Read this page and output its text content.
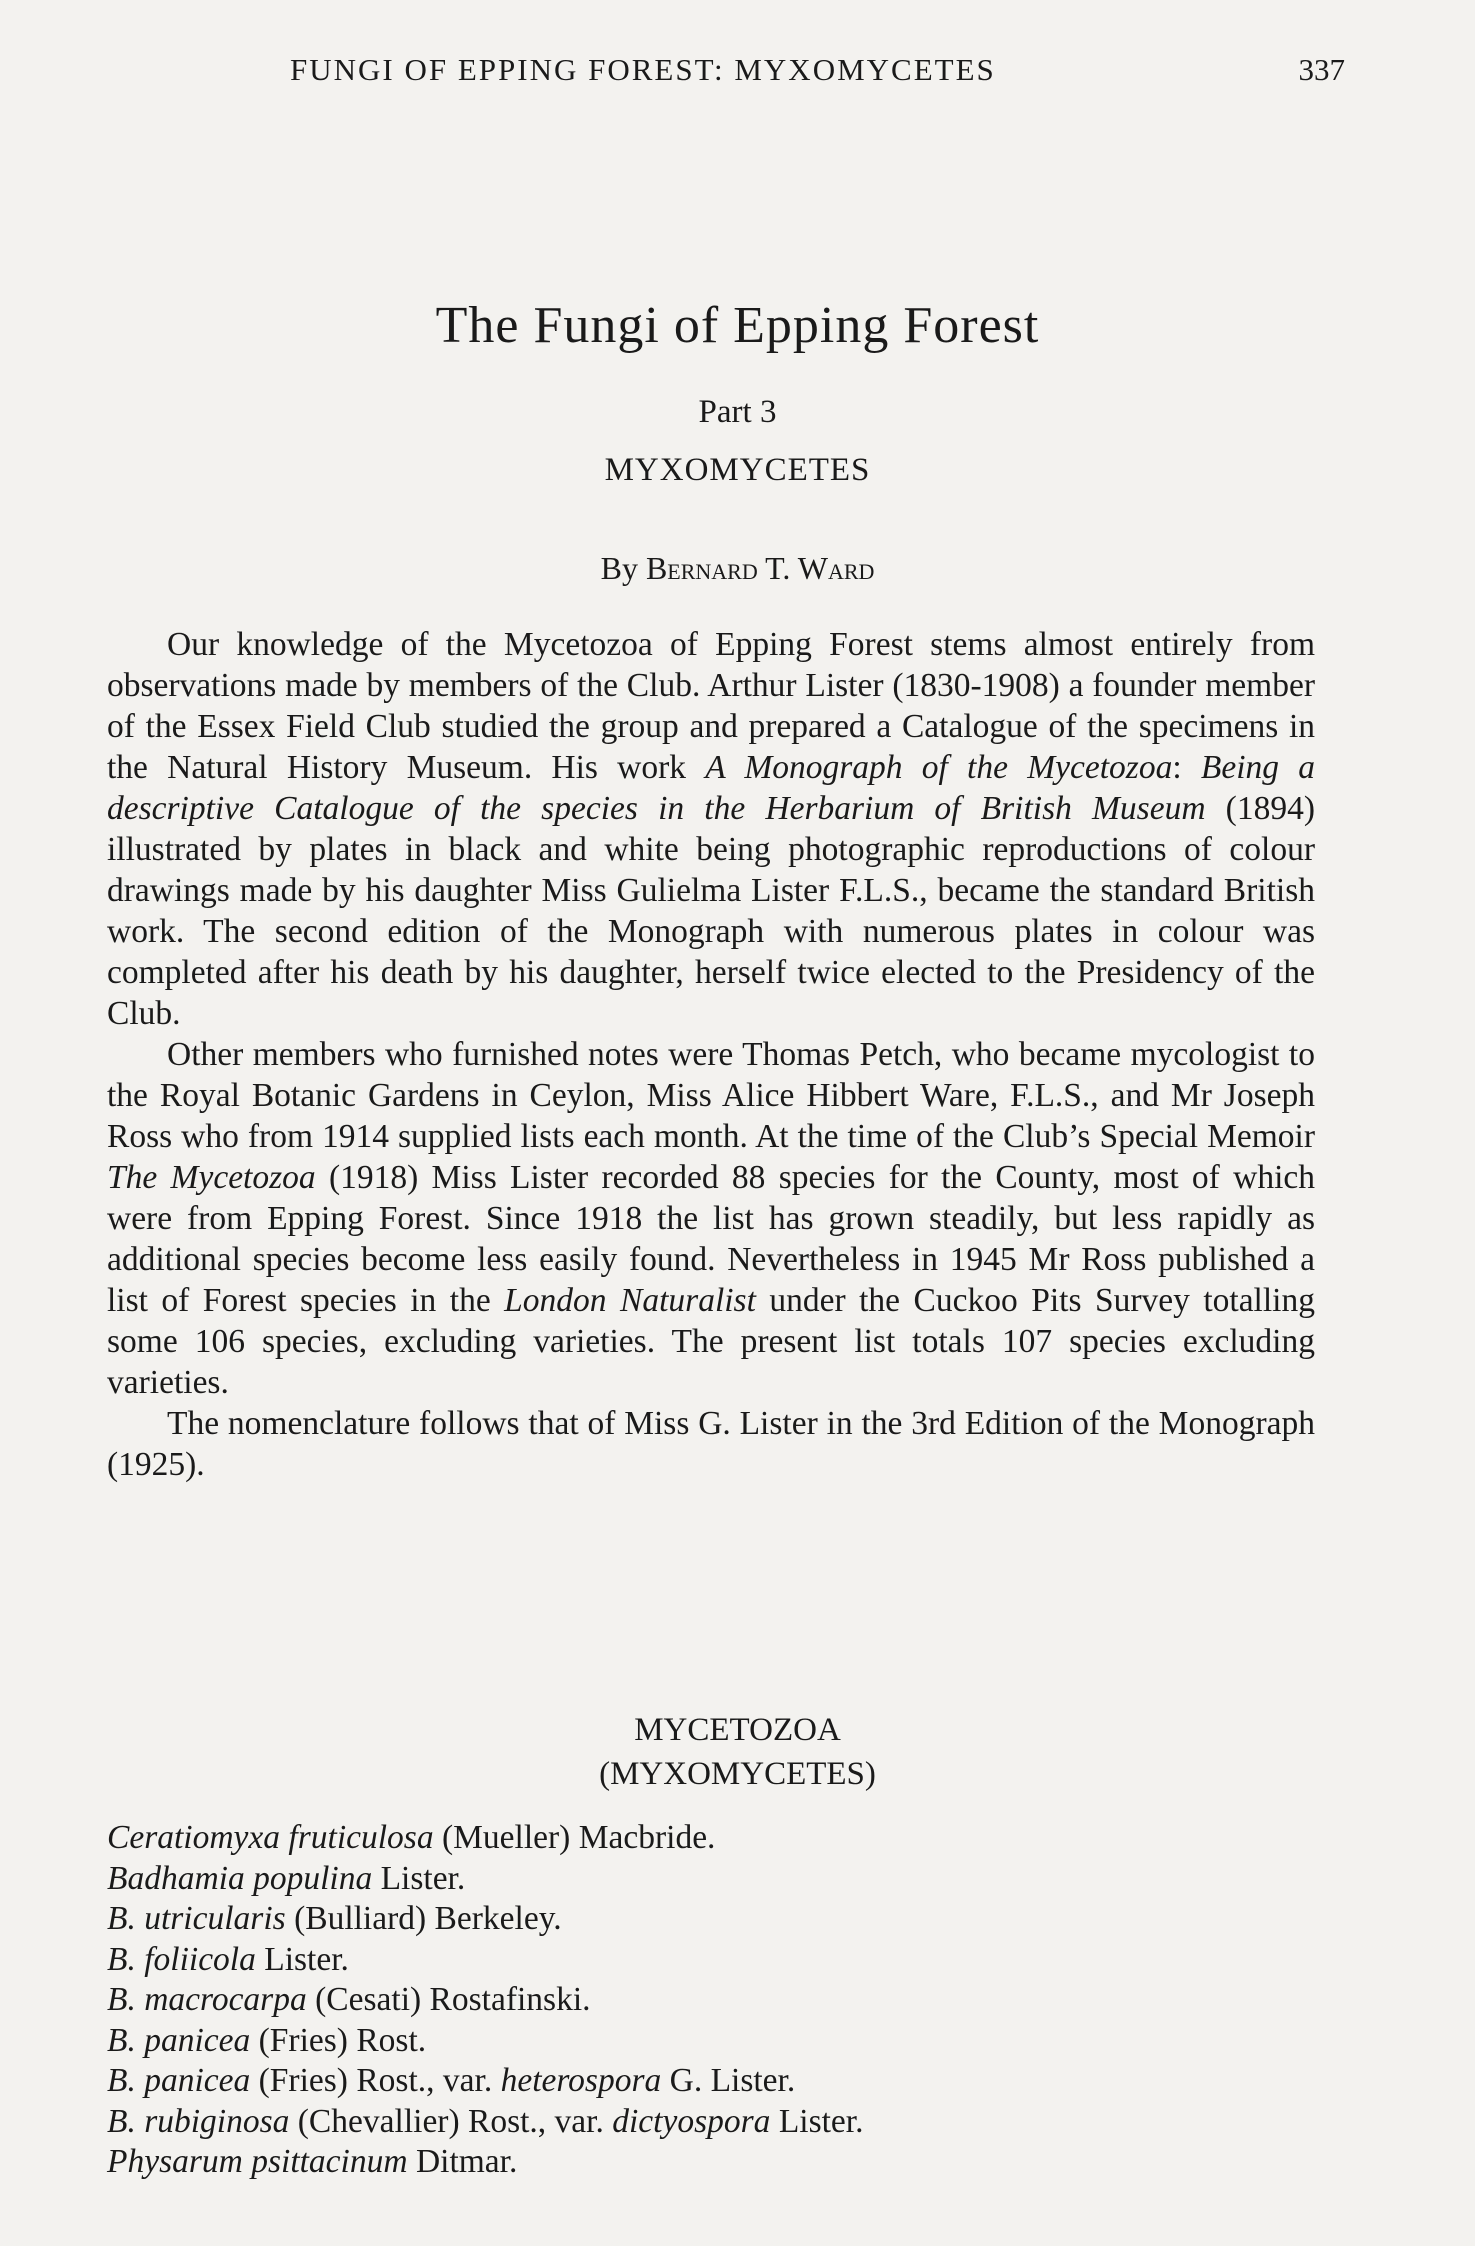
FUNGI OF EPPING FOREST: MYXOMYCETES	337
The Fungi of Epping Forest
Part 3
MYXOMYCETES
By Bernard T. Ward

Our knowledge of the Mycetozoa of Epping Forest stems almost entirely from observations made by members of the Club. Arthur Lister (1830-1908) a founder member of the Essex Field Club studied the group and prepared a Catalogue of the specimens in the Natural History Museum. His work A Monograph of the Mycetozoa: Being a descriptive Catalogue of the species in the Herbarium of British Museum (1894) illustrated by plates in black and white being photographic reproductions of colour drawings made by his daughter Miss Gulielma Lister F.L.S., became the standard British work. The second edition of the Monograph with numerous plates in colour was completed after his death by his daughter, herself twice elected to the Presidency of the Club.

Other members who furnished notes were Thomas Petch, who became mycologist to the Royal Botanic Gardens in Ceylon, Miss Alice Hibbert Ware, F.L.S., and Mr Joseph Ross who from 1914 supplied lists each month. At the time of the Club’s Special Memoir The Mycetozoa (1918) Miss Lister recorded 88 species for the County, most of which were from Epping Forest. Since 1918 the list has grown steadily, but less rapidly as additional species become less easily found. Nevertheless in 1945 Mr Ross published a list of Forest species in the London Naturalist under the Cuckoo Pits Survey totalling some 106 species, excluding varieties. The present list totals 107 species excluding varieties.

The nomenclature follows that of Miss G. Lister in the 3rd Edition of the Monograph (1925).

MYCETOZOA
(MYXOMYCETES)
Ceratiomyxa fruticulosa (Mueller) Macbride.
Badhamia populina Lister.
B. utricularis (Bulliard) Berkeley.
B. foliicola Lister.
B. macrocarpa (Cesati) Rostafinski.
B. panicea (Fries) Rost.
B. panicea (Fries) Rost., var. heterospora G. Lister.
B. rubiginosa (Chevallier) Rost., var. dictyospora Lister.
Physarum psittacinum Ditmar.
